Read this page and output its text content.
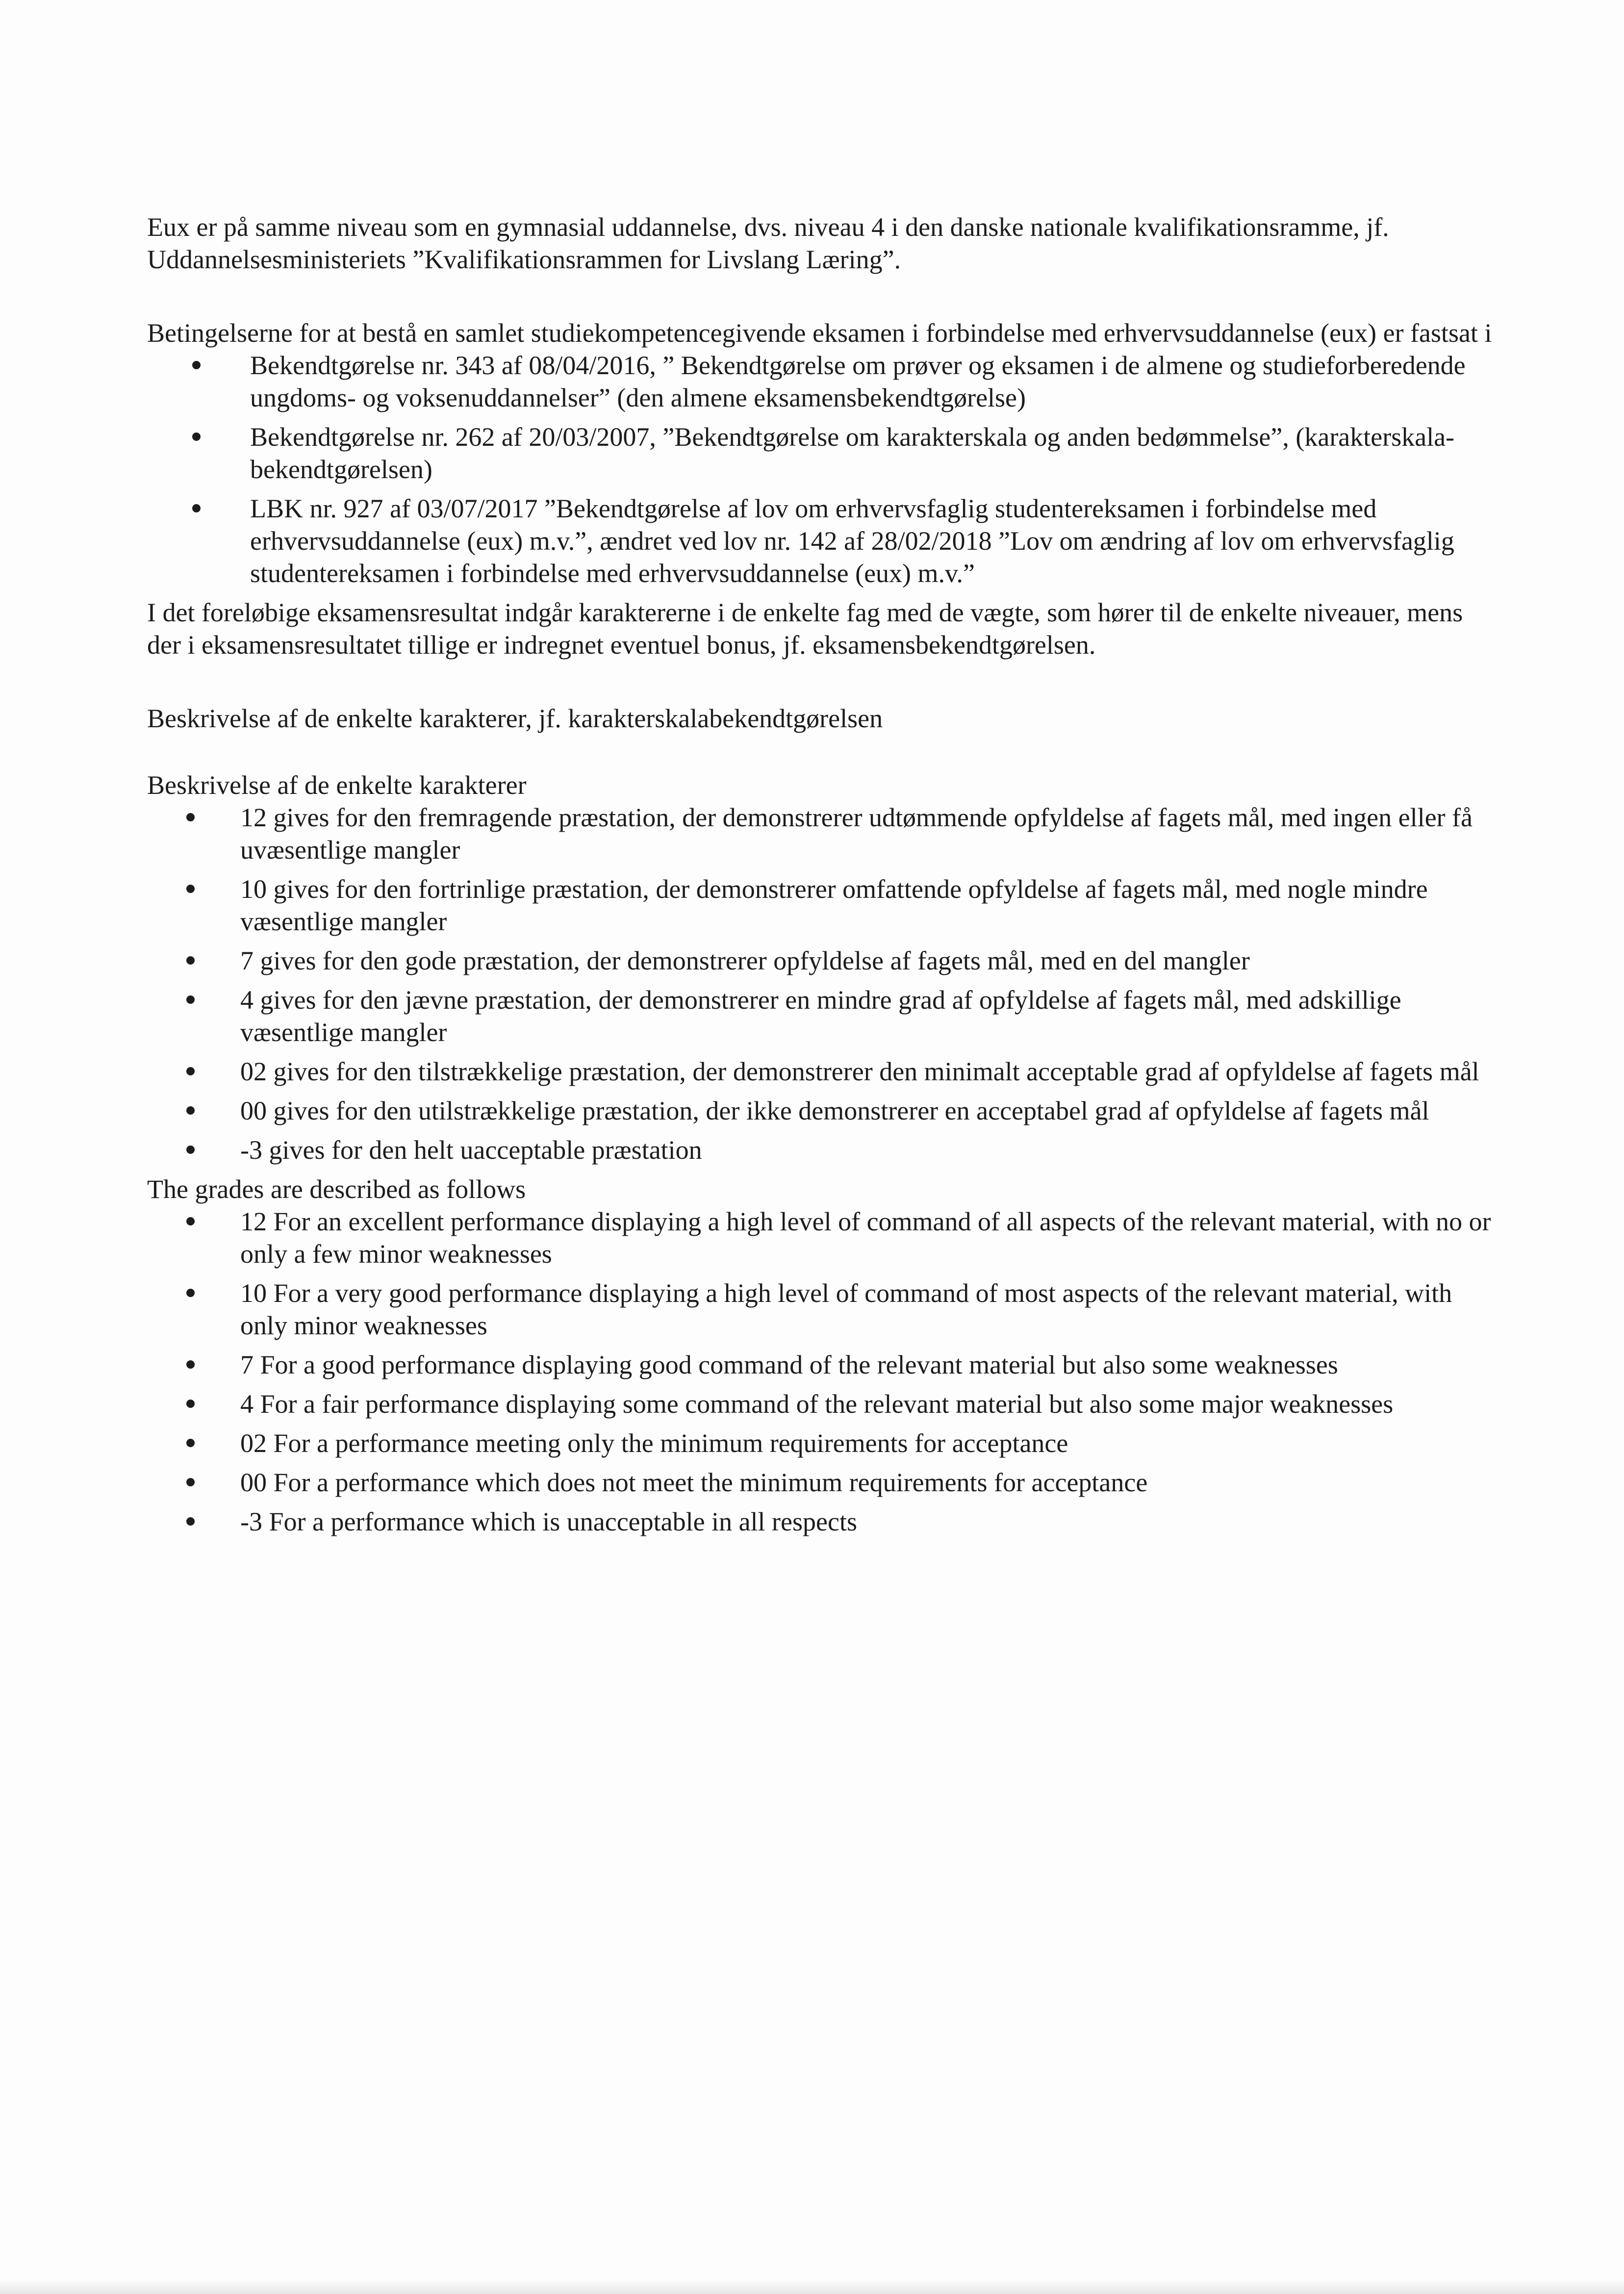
Eux er på samme niveau som en gymnasial uddannelse, dvs. niveau 4 i den danske nationale kvalifikationsramme, jf. Uddannelsesministeriets ”Kvalifikationsrammen for Livslang Læring”.

Betingelserne for at bestå en samlet studiekompetencegivende eksamen i forbindelse med erhvervsuddannelse (eux) er fastsat i

Bekendtgørelse nr. 343 af 08/04/2016, ” Bekendtgørelse om prøver og eksamen i de almene og studieforberedende ungdoms- og voksenuddannelser” (den almene eksamensbekendtgørelse)
Bekendtgørelse nr. 262 af 20/03/2007, ”Bekendtgørelse om karakterskala og anden bedømmelse”, (karakterskala-bekendtgørelsen)
LBK nr. 927 af 03/07/2017 ”Bekendtgørelse af lov om erhvervsfaglig studentereksamen i forbindelse med erhvervsuddannelse (eux) m.v.”, ændret ved lov nr. 142 af 28/02/2018 ”Lov om ændring af lov om erhvervsfaglig studentereksamen i forbindelse med erhvervsuddannelse (eux) m.v.”

I det foreløbige eksamensresultat indgår karaktererne i de enkelte fag med de vægte, som hører til de enkelte niveauer, mens der i eksamensresultatet tillige er indregnet eventuel bonus, jf. eksamensbekendtgørelsen.

Beskrivelse af de enkelte karakterer, jf. karakterskalabekendtgørelsen

Beskrivelse af de enkelte karakterer

12 gives for den fremragende præstation, der demonstrerer udtømmende opfyldelse af fagets mål, med ingen eller få uvæsentlige mangler
10 gives for den fortrinlige præstation, der demonstrerer omfattende opfyldelse af fagets mål, med nogle mindre væsentlige mangler
7 gives for den gode præstation, der demonstrerer opfyldelse af fagets mål, med en del mangler
4 gives for den jævne præstation, der demonstrerer en mindre grad af opfyldelse af fagets mål, med adskillige væsentlige mangler
02 gives for den tilstrækkelige præstation, der demonstrerer den minimalt acceptable grad af opfyldelse af fagets mål
00 gives for den utilstrækkelige præstation, der ikke demonstrerer en acceptabel grad af opfyldelse af fagets mål
-3 gives for den helt uacceptable præstation

The grades are described as follows

12 For an excellent performance displaying a high level of command of all aspects of the relevant material, with no or only a few minor weaknesses
10 For a very good performance displaying a high level of command of most aspects of the relevant material, with only minor weaknesses
7 For a good performance displaying good command of the relevant material but also some weaknesses
4 For a fair performance displaying some command of the relevant material but also some major weaknesses
02 For a performance meeting only the minimum requirements for acceptance
00 For a performance which does not meet the minimum requirements for acceptance
-3 For a performance which is unacceptable in all respects
